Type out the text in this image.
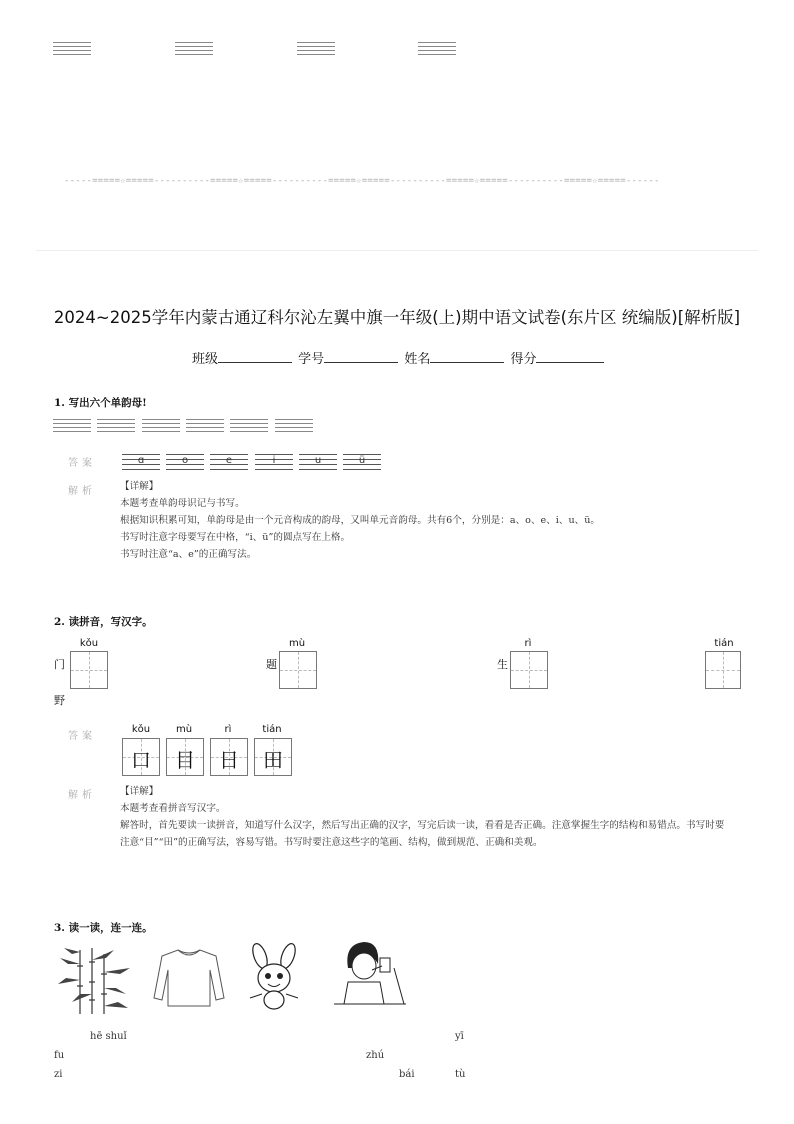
-----=====☆=====----------=====☆=====----------=====☆=====----------=====☆=====----------=====☆=====------
2024~2025学年内蒙古通辽科尔沁左翼中旗一年级(上)期中语文试卷(东片区 统编版)[解析版]
班级	学号	姓名	得分
1. 写出六个单韵母!
答案	ɑ	o	e	i	u	ü
解析	【详解】

本题考查单韵母识记与书写。

根据知识积累可知，单韵母是由一个元音构成的韵母，又叫单元音韵母。共有6个，分别是：a、o、e、i、u、ü。

书写时注意字母要写在中格，“i、ü”的圆点写在上格。

书写时注意“a、e”的正确写法。

2. 读拼音，写汉字。
kǒu
门
mù
题
rì
生
tián
野
答案
kǒu
口
mù
目
rì
日
tián
田
解析	【详解】

本题考查看拼音写汉字。

解答时，首先要读一读拼音，知道写什么汉字，然后写出正确的汉字，写完后读一读，看看是否正确。注意掌握生字的结构和易错点。书写时要注意“目”“田”的正确写法，容易写错。书写时要注意这些字的笔画、结构，做到规范、正确和美观。

3. 读一读，连一连。
hē shuǐ	yī
fu	zhú
zi	bái	tù
